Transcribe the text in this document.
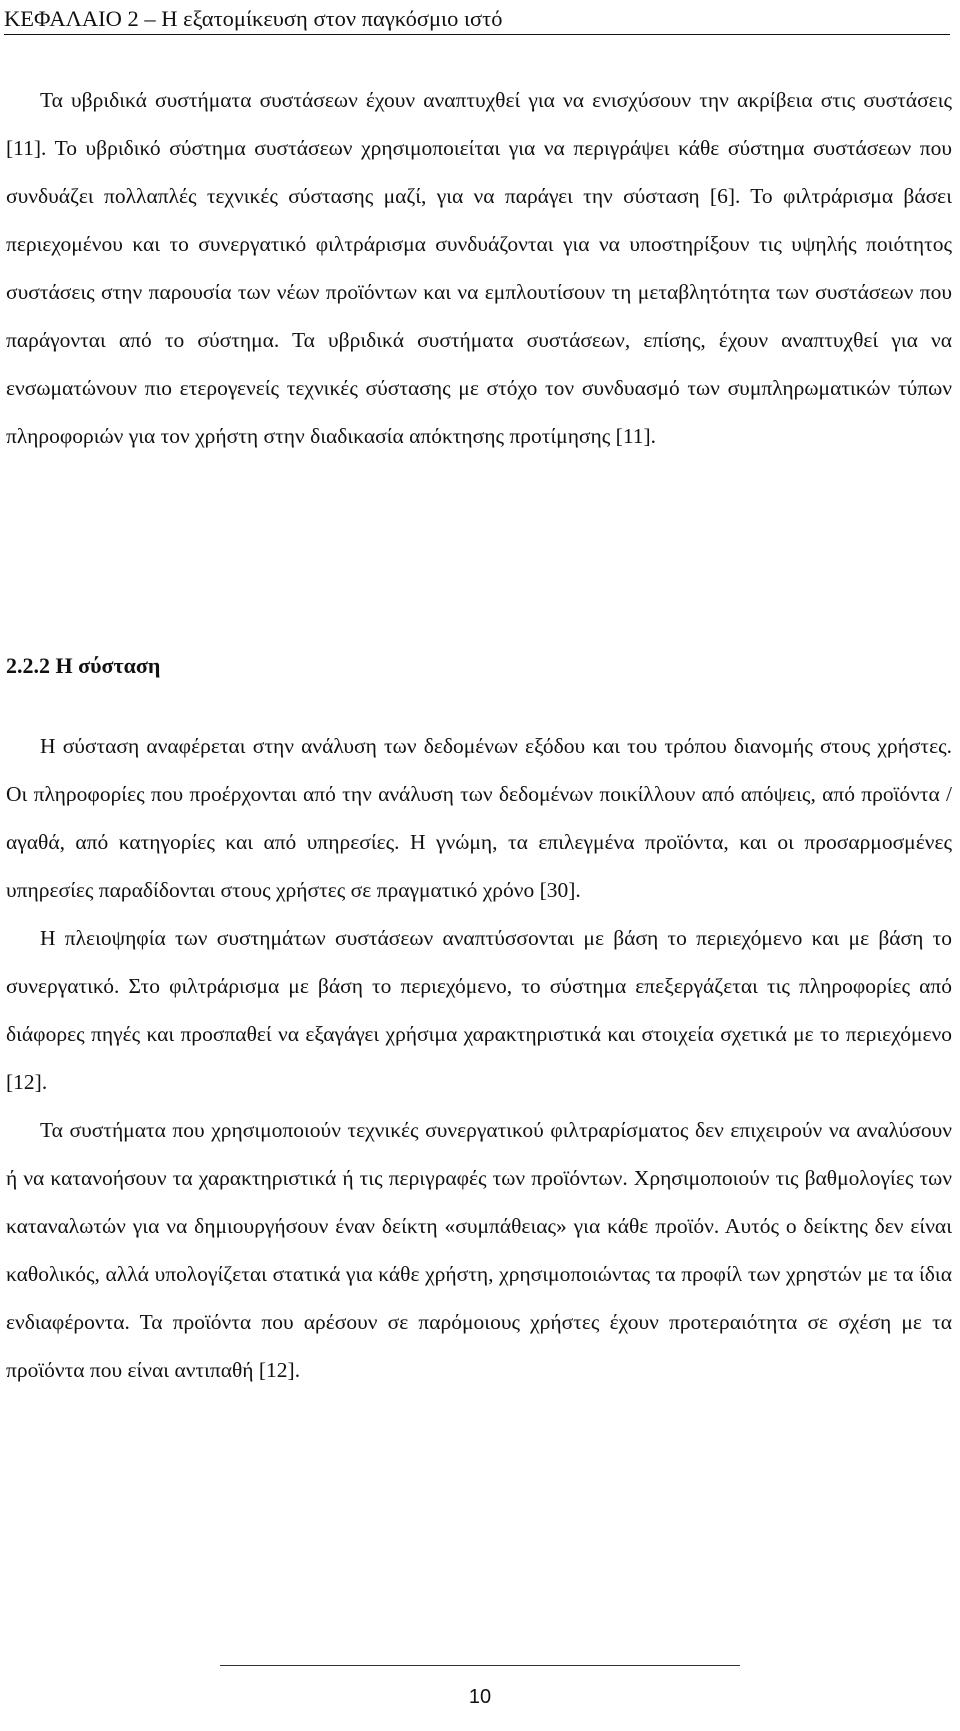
ΚΕΦΑΛΑΙΟ 2 – Η εξατομίκευση στον παγκόσμιο ιστό

Τα υβριδικά συστήματα συστάσεων έχουν αναπτυχθεί για να ενισχύσουν την ακρίβεια στις συστάσεις [11]. Το υβριδικό σύστημα συστάσεων χρησιμοποιείται για να περιγράψει κάθε σύστημα συστάσεων που συνδυάζει πολλαπλές τεχνικές σύστασης μαζί, για να παράγει την σύσταση [6]. Το φιλτράρισμα βάσει περιεχομένου και το συνεργατικό φιλτράρισμα συνδυάζονται για να υποστηρίξουν τις υψηλής ποιότητος συστάσεις στην παρουσία των νέων προϊόντων και να εμπλουτίσουν τη μεταβλητότητα των συστάσεων που παράγονται από το σύστημα. Τα υβριδικά συστήματα συστάσεων, επίσης, έχουν αναπτυχθεί για να ενσωματώνουν πιο ετερογενείς τεχνικές σύστασης με στόχο τον συνδυασμό των συμπληρωματικών τύπων πληροφοριών για τον χρήστη στην διαδικασία απόκτησης προτίμησης [11].

2.2.2 Η σύσταση

Η σύσταση αναφέρεται στην ανάλυση των δεδομένων εξόδου και του τρόπου διανομής στους χρήστες. Οι πληροφορίες που προέρχονται από την ανάλυση των δεδομένων ποικίλλουν από απόψεις, από προϊόντα / αγαθά, από κατηγορίες και από υπηρεσίες. Η γνώμη, τα επιλεγμένα προϊόντα, και οι προσαρμοσμένες υπηρεσίες παραδίδονται στους χρήστες σε πραγματικό χρόνο [30].

Η πλειοψηφία των συστημάτων συστάσεων αναπτύσσονται με βάση το περιεχόμενο και με βάση το συνεργατικό. Στο φιλτράρισμα με βάση το περιεχόμενο, το σύστημα επεξεργάζεται τις πληροφορίες από διάφορες πηγές και προσπαθεί να εξαγάγει χρήσιμα χαρακτηριστικά και στοιχεία σχετικά με το περιεχόμενο [12].

Τα συστήματα που χρησιμοποιούν τεχνικές συνεργατικού φιλτραρίσματος δεν επιχειρούν να αναλύσουν ή να κατανοήσουν τα χαρακτηριστικά ή τις περιγραφές των προϊόντων. Χρησιμοποιούν τις βαθμολογίες των καταναλωτών για να δημιουργήσουν έναν δείκτη «συμπάθειας» για κάθε προϊόν. Αυτός ο δείκτης δεν είναι καθολικός, αλλά υπολογίζεται στατικά για κάθε χρήστη, χρησιμοποιώντας τα προφίλ των χρηστών με τα ίδια ενδιαφέροντα. Τα προϊόντα που αρέσουν σε παρόμοιους χρήστες έχουν προτεραιότητα σε σχέση με τα προϊόντα που είναι αντιπαθή [12].

10
